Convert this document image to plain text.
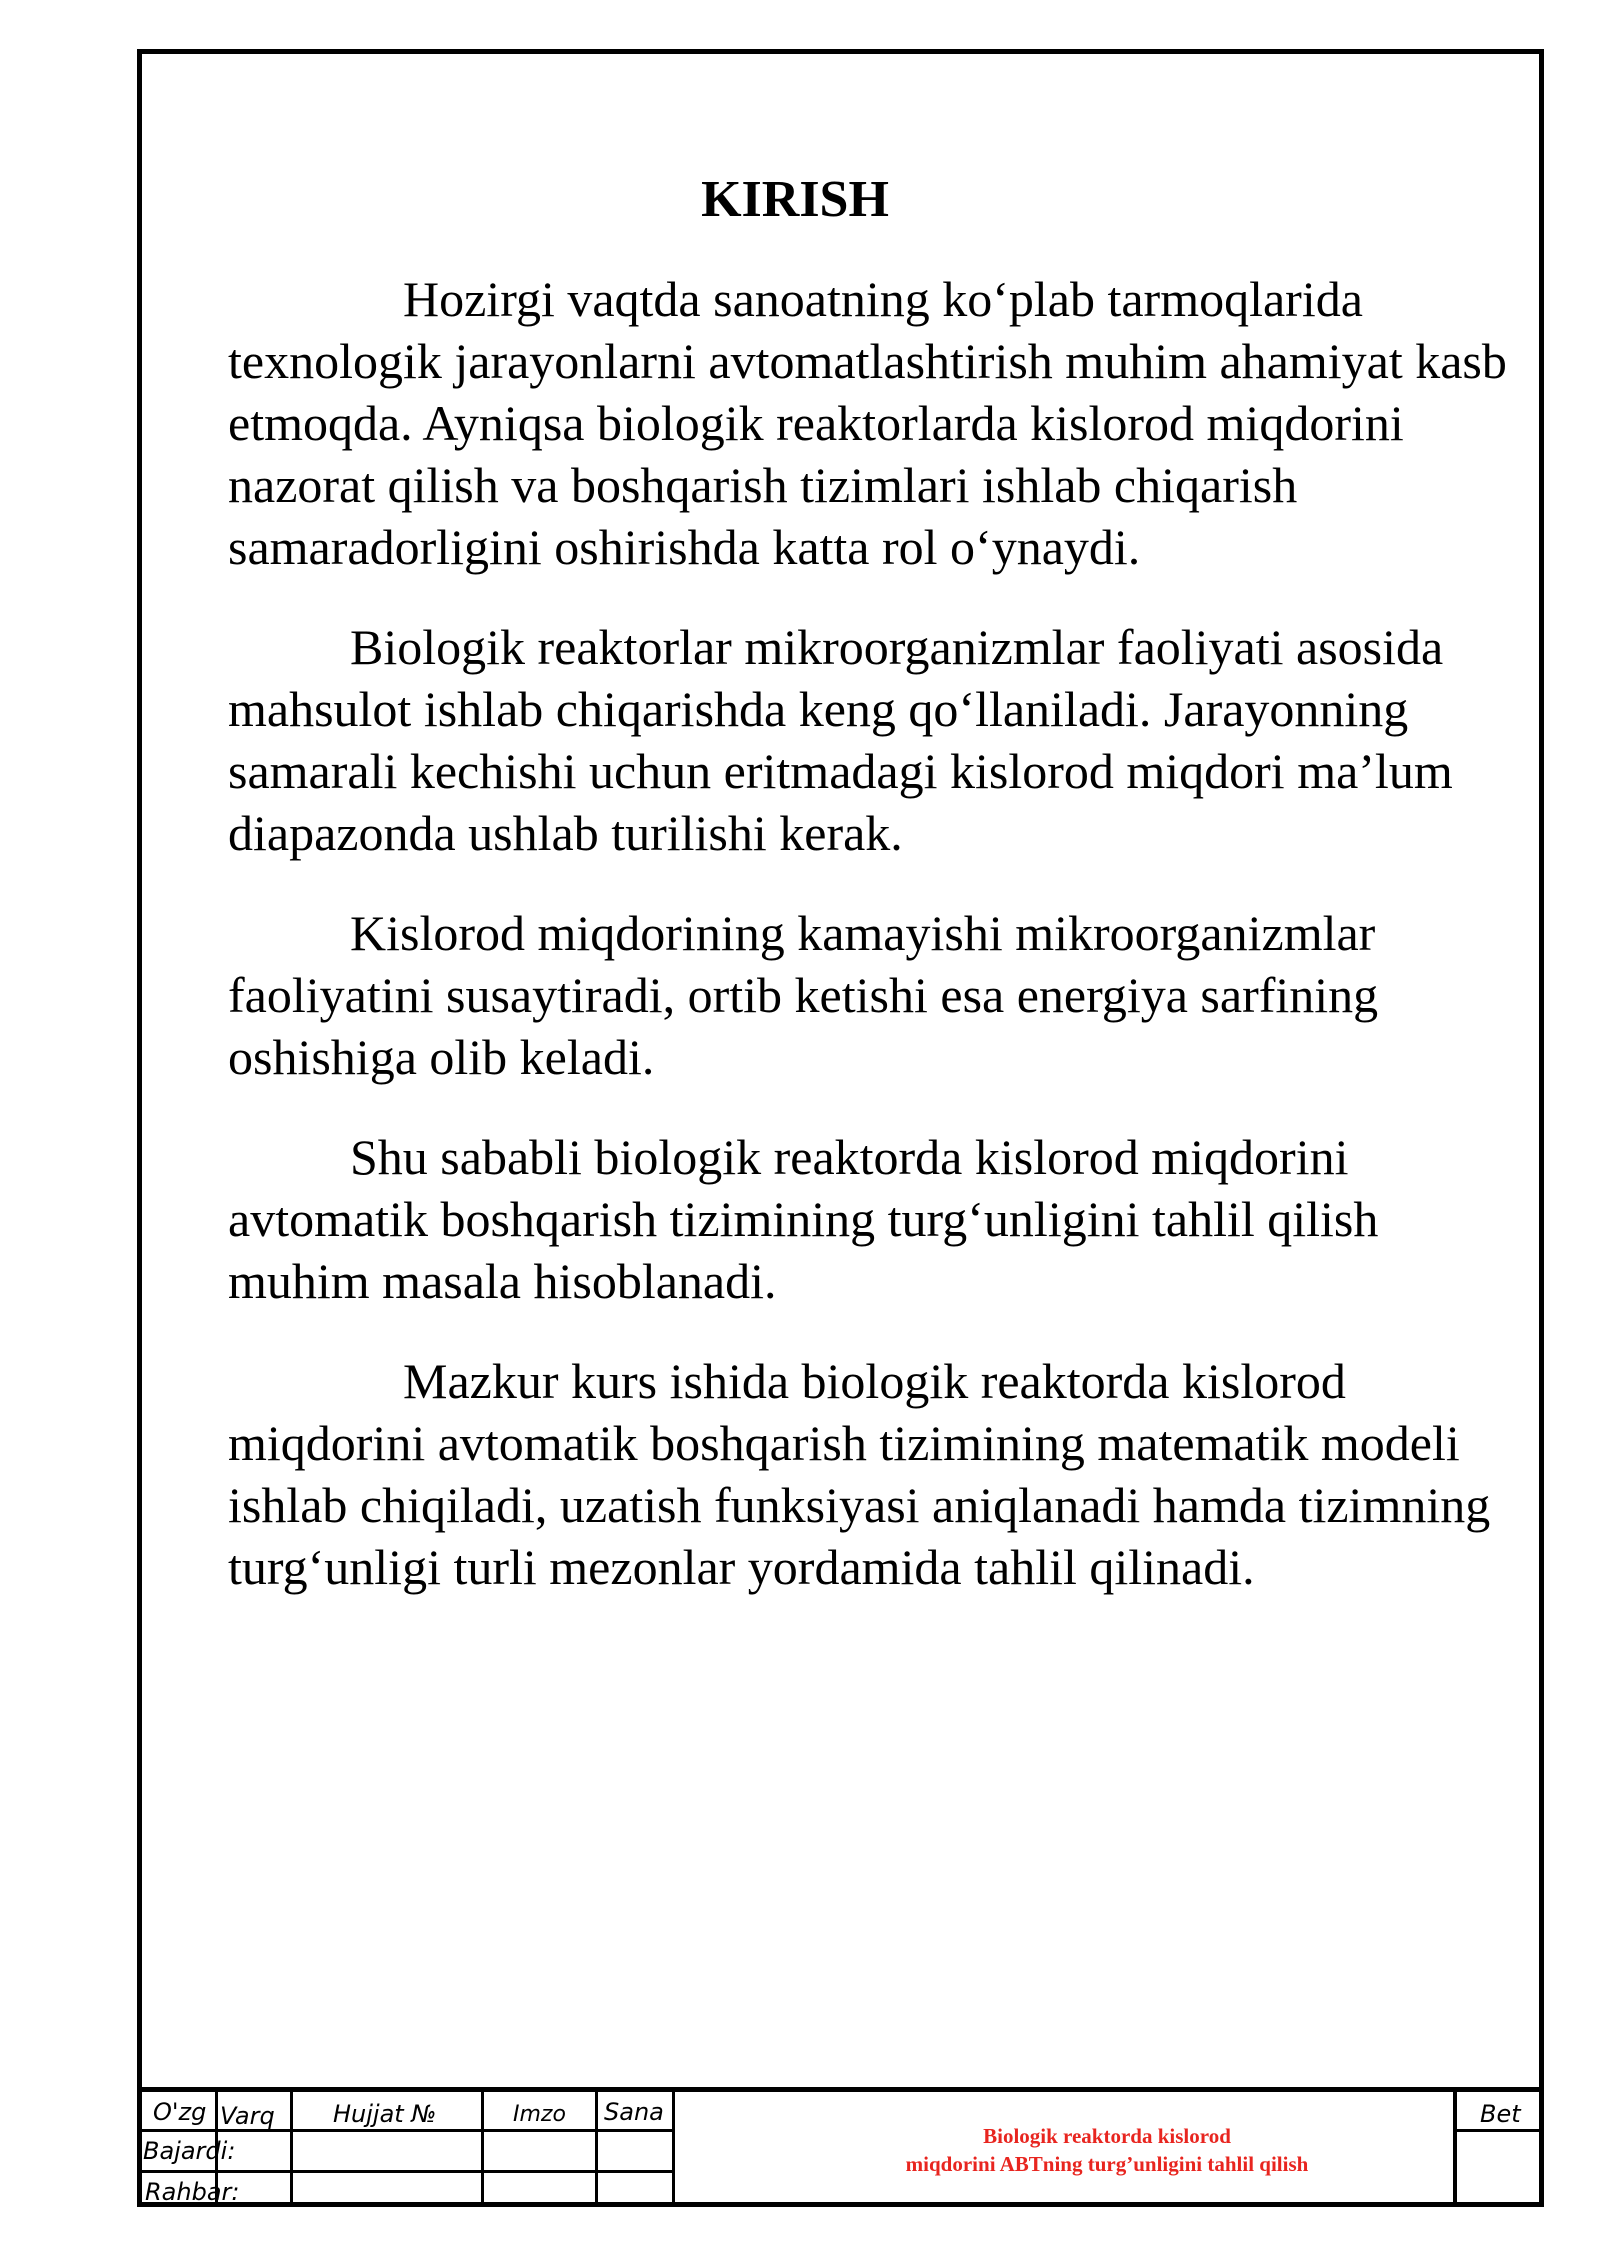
KIRISH

Hozirgi vaqtda sanoatning ko‘plab tarmoqlarida texnologik jarayonlarni avtomatlashtirish muhim ahamiyat kasb etmoqda. Ayniqsa biologik reaktorlarda kislorod miqdorini nazorat qilish va boshqarish tizimlari ishlab chiqarish samaradorligini oshirishda katta rol o‘ynaydi.

Biologik reaktorlar mikroorganizmlar faoliyati asosida mahsulot ishlab chiqarishda keng qo‘llaniladi. Jarayonning samarali kechishi uchun eritmadagi kislorod miqdori ma’lum diapazonda ushlab turilishi kerak.

Kislorod miqdorining kamayishi mikroorganizmlar faoliyatini susaytiradi, ortib ketishi esa energiya sarfining oshishiga olib keladi.

Shu sababli biologik reaktorda kislorod miqdorini avtomatik boshqarish tizimining turg‘unligini tahlil qilish muhim masala hisoblanadi.

Mazkur kurs ishida biologik reaktorda kislorod miqdorini avtomatik boshqarish tizimining matematik modeli ishlab chiqiladi, uzatish funksiyasi aniqlanadi hamda tizimning turg‘unligi turli mezonlar yordamida tahlil qilinadi.

O'zg Varq Hujjat №	Imzo Sana
Bajardi:
Rahbar:
Bet
Biologik reaktorda kislorod
miqdorini ABTning turg’unligini tahlil qilish
